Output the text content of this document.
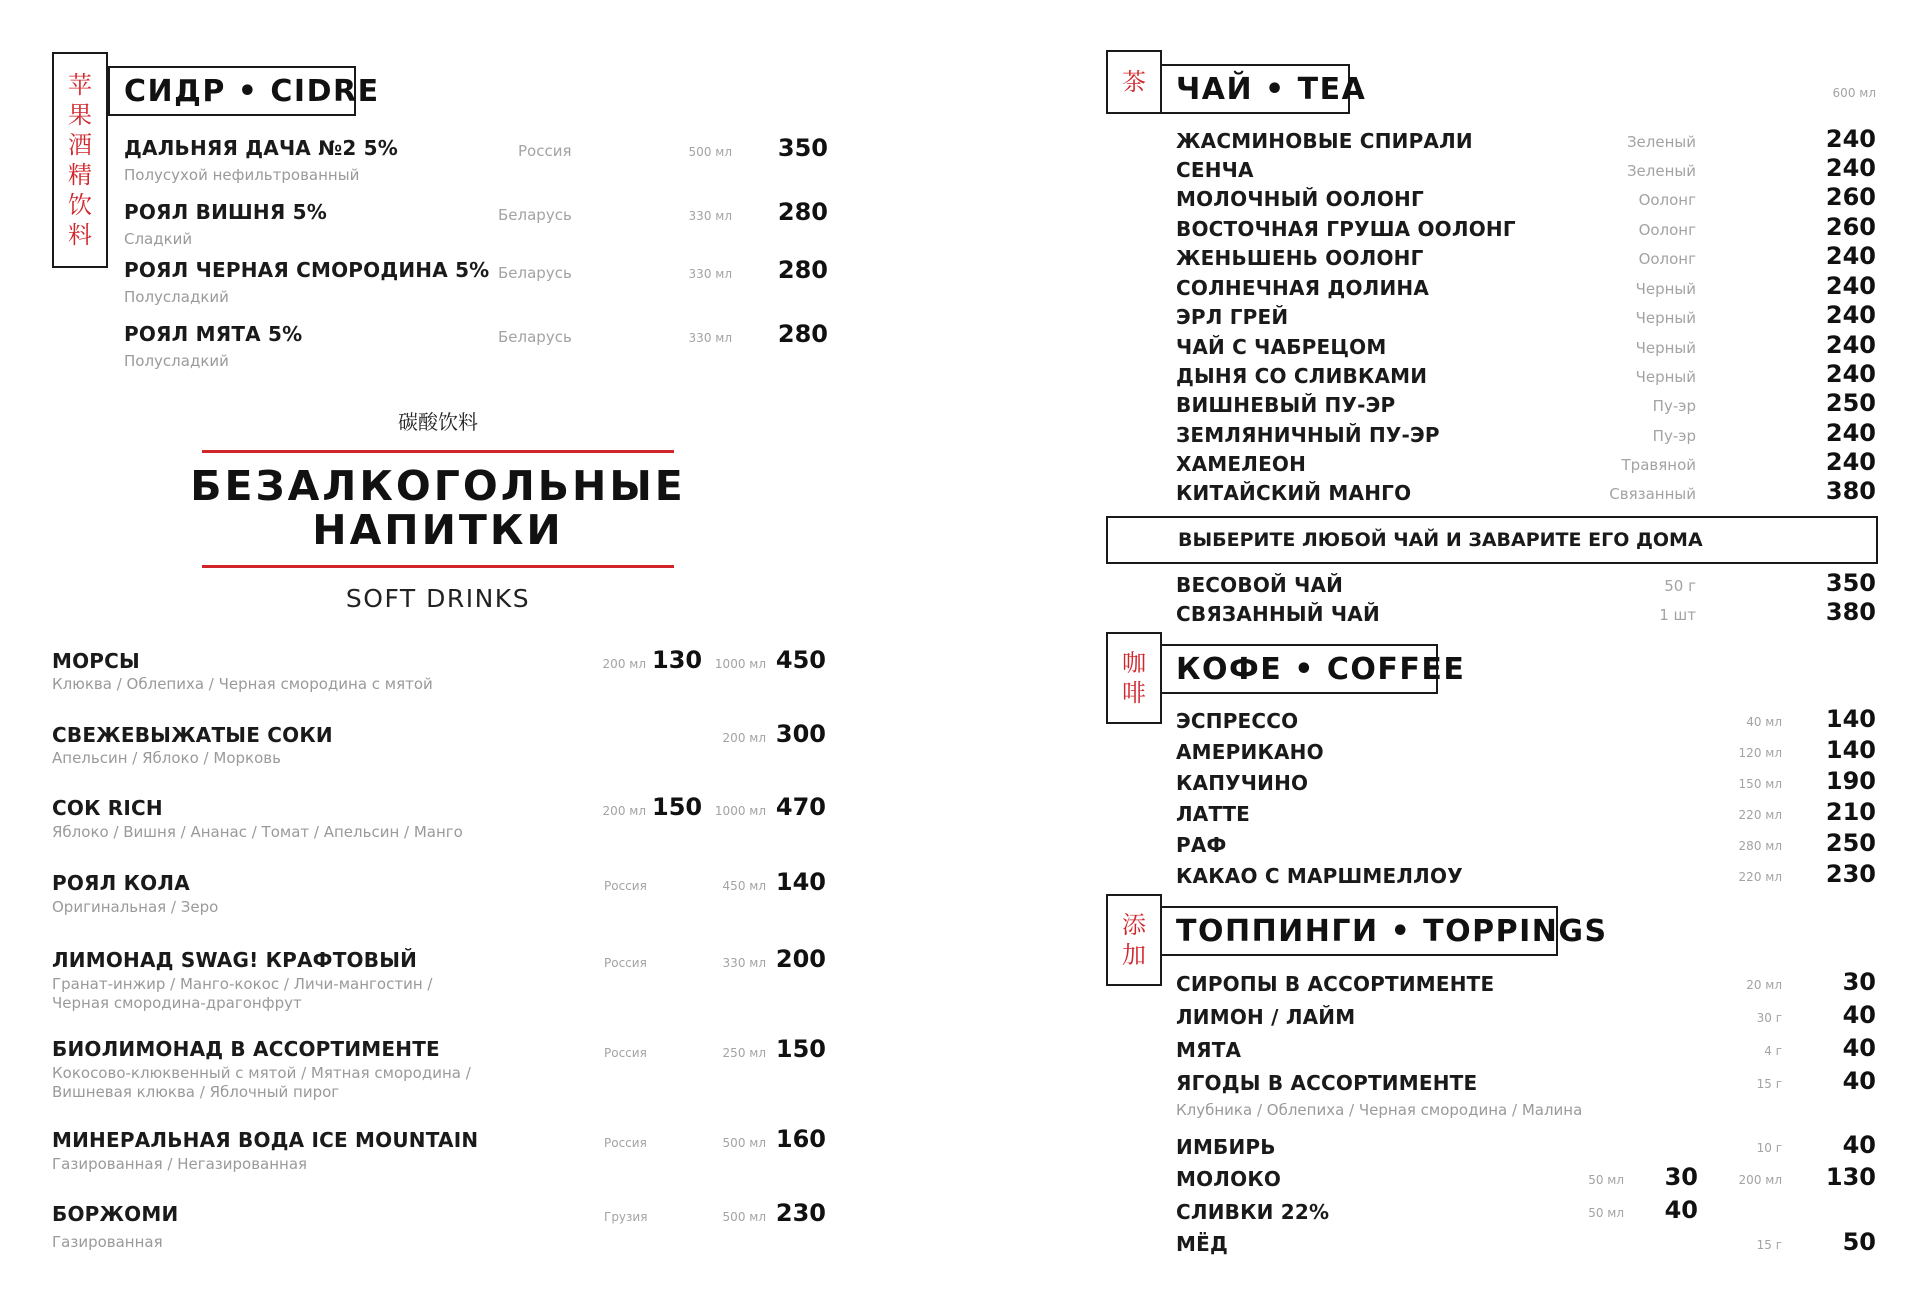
苹
果
酒
精
饮
料
СИДР • CIDRE
ДАЛЬНЯЯ ДАЧА №2 5%
Полусухой нефильтрованный
Россия	500 мл	350
РОЯЛ ВИШНЯ 5%
Сладкий
Беларусь	330 мл	280
РОЯЛ ЧЕРНАЯ СМОРОДИНА 5%
Полусладкий
Беларусь	330 мл	280
РОЯЛ МЯТА 5%
Полусладкий
Беларусь	330 мл	280
碳酸饮料
БЕЗАЛКОГОЛЬНЫЕ
НАПИТКИ
SOFT DRINKS
МОРСЫ
Клюква / Облепиха / Черная смородина с мятой
200 мл 130	1000 мл 450
СВЕЖЕВЫЖАТЫЕ СОКИ
Апельсин / Яблоко / Морковь
200 мл 300
СОК RICH
Яблоко / Вишня / Ананас / Томат / Апельсин / Манго
200 мл 150	1000 мл 470
РОЯЛ КОЛА
Оригинальная / Зеро
Россия	450 мл 140
ЛИМОНАД SWAG! КРАФТОВЫЙ
Гранат-инжир / Манго-кокос / Личи-мангостин /
Черная смородина-драгонфрут
Россия	330 мл 200
БИОЛИМОНАД В АССОРТИМЕНТЕ
Кокосово-клюквенный с мятой / Мятная смородина /
Вишневая клюква / Яблочный пирог
Россия	250 мл 150
МИНЕРАЛЬНАЯ ВОДА ICE MOUNTAIN
Газированная / Негазированная
Россия	500 мл 160
БОРЖОМИ
Газированная
Грузия	500 мл 230
茶	ЧАЙ • TEA	600 мл
ЖАСМИНОВЫЕ СПИРАЛИ	Зеленый	240
СЕНЧА	Зеленый	240
МОЛОЧНЫЙ ООЛОНГ	Оолонг	260
ВОСТОЧНАЯ ГРУША ООЛОНГ	Оолонг	260
ЖЕНЬШЕНЬ ООЛОНГ	Оолонг	240
СОЛНЕЧНАЯ ДОЛИНА	Черный	240
ЭРЛ ГРЕЙ	Черный	240
ЧАЙ С ЧАБРЕЦОМ	Черный	240
ДЫНЯ СО СЛИВКАМИ	Черный	240
ВИШНЕВЫЙ ПУ-ЭР	Пу-эр	250
ЗЕМЛЯНИЧНЫЙ ПУ-ЭР	Пу-эр	240
ХАМЕЛЕОН	Травяной	240
КИТАЙСКИЙ МАНГО	Связанный	380
ВЫБЕРИТЕ ЛЮБОЙ ЧАЙ И ЗАВАРИТЕ ЕГО ДОМА
ВЕСОВОЙ ЧАЙ	50 г	350
СВЯЗАННЫЙ ЧАЙ	1 шт	380
咖
啡
КОФЕ • COFFEE
ЭСПРЕССО	40 мл	140
АМЕРИКАНО	120 мл	140
КАПУЧИНО	150 мл	190
ЛАТТЕ	220 мл	210
РАФ	280 мл	250
КАКАО С МАРШМЕЛЛОУ	220 мл	230
添
加
ТОППИНГИ • TOPPINGS
СИРОПЫ В АССОРТИМЕНТЕ	20 мл	30
ЛИМОН / ЛАЙМ	30 г	40
МЯТА	4 г	40
ЯГОДЫ В АССОРТИМЕНТЕ
Клубника / Облепиха / Черная смородина / Малина
15 г	40
ИМБИРЬ	10 г	40
МОЛОКО	50 мл	30	200 мл	130
СЛИВКИ 22%	50 мл	40
МЁД	15 г	50
